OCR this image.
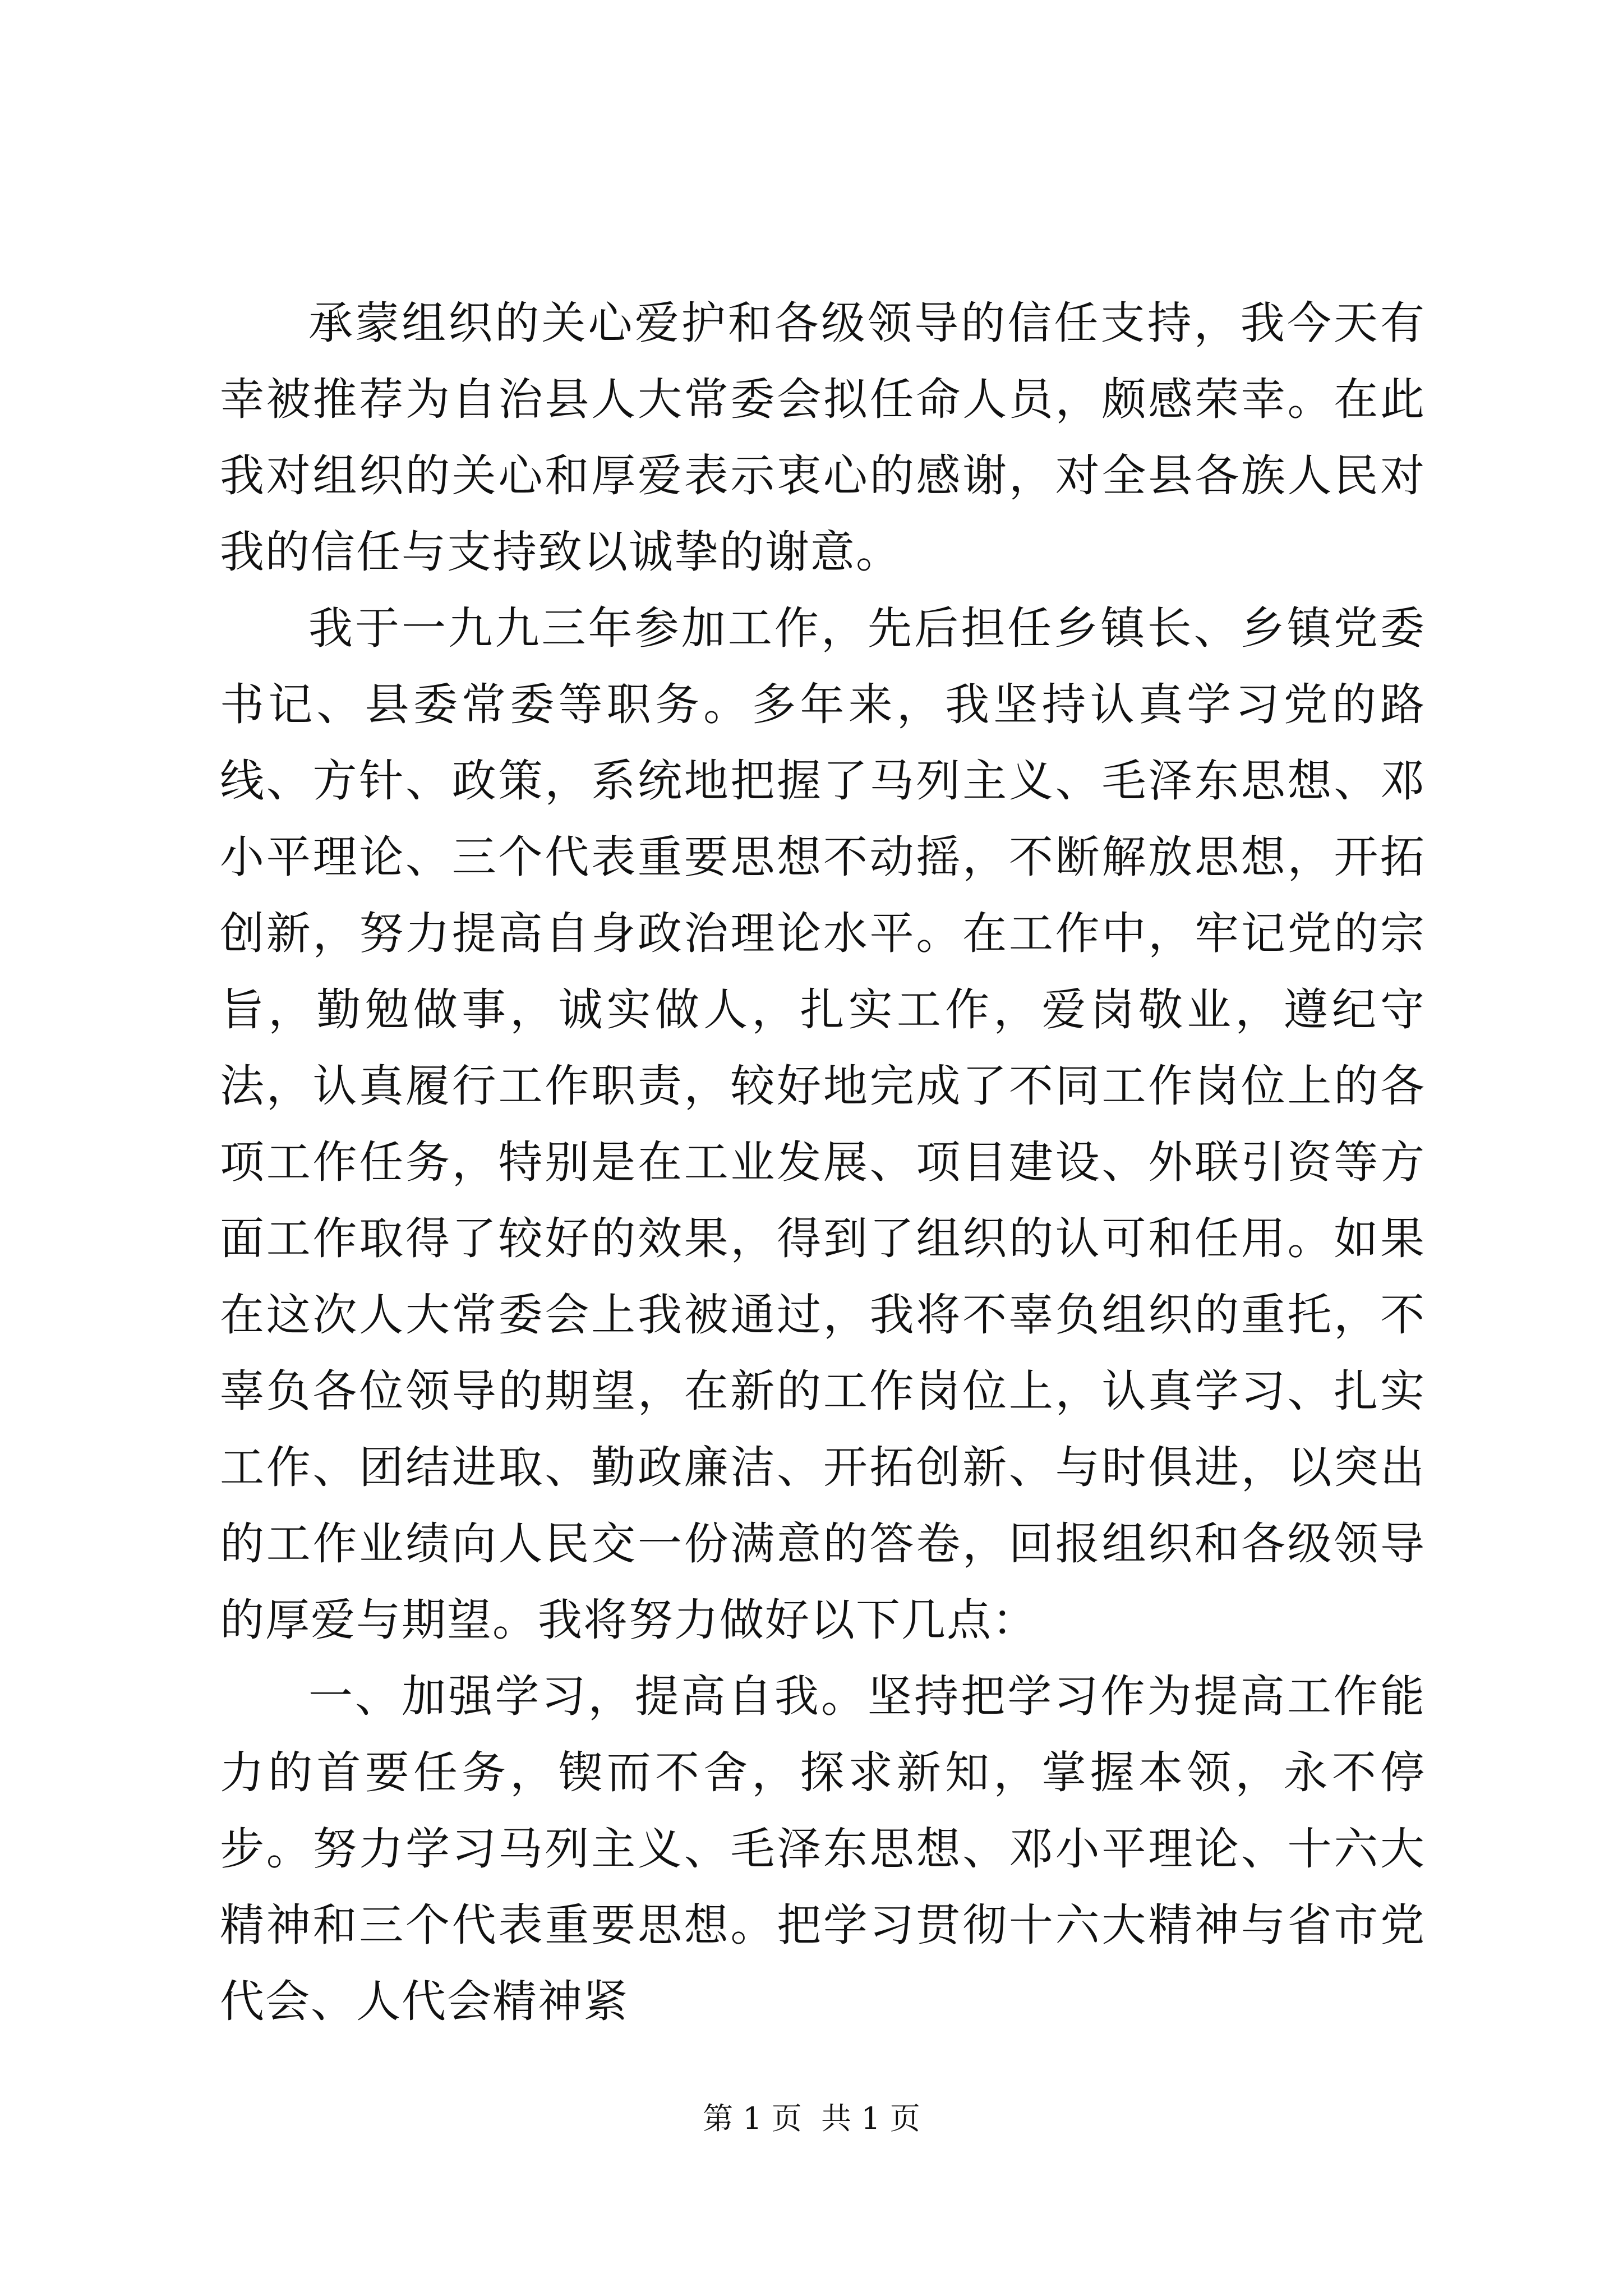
承蒙组织的关心爱护和各级领导的信任支持，我今天有幸被推荐为自治县人大常委会拟任命人员，颇感荣幸。在此我对组织的关心和厚爱表示衷心的感谢，对全县各族人民对我的信任与支持致以诚挚的谢意。

我于一九九三年参加工作，先后担任乡镇长、乡镇党委书记、县委常委等职务。多年来，我坚持认真学习党的路线、方针、政策，系统地把握了马列主义、毛泽东思想、邓小平理论、三个代表重要思想不动摇，不断解放思想，开拓创新，努力提高自身政治理论水平。在工作中，牢记党的宗旨，勤勉做事，诚实做人，扎实工作，爱岗敬业，遵纪守法，认真履行工作职责，较好地完成了不同工作岗位上的各项工作任务，特别是在工业发展、项目建设、外联引资等方面工作取得了较好的效果，得到了组织的认可和任用。如果在这次人大常委会上我被通过，我将不辜负组织的重托，不辜负各位领导的期望，在新的工作岗位上，认真学习、扎实工作、团结进取、勤政廉洁、开拓创新、与时俱进，以突出的工作业绩向人民交一份满意的答卷，回报组织和各级领导的厚爱与期望。我将努力做好以下几点：

一、加强学习，提高自我。坚持把学习作为提高工作能力的首要任务，锲而不舍，探求新知，掌握本领，永不停步。努力学习马列主义、毛泽东思想、邓小平理论、十六大精神和三个代表重要思想。把学习贯彻十六大精神与省市党代会、人代会精神紧

第 1 页  共 1 页
